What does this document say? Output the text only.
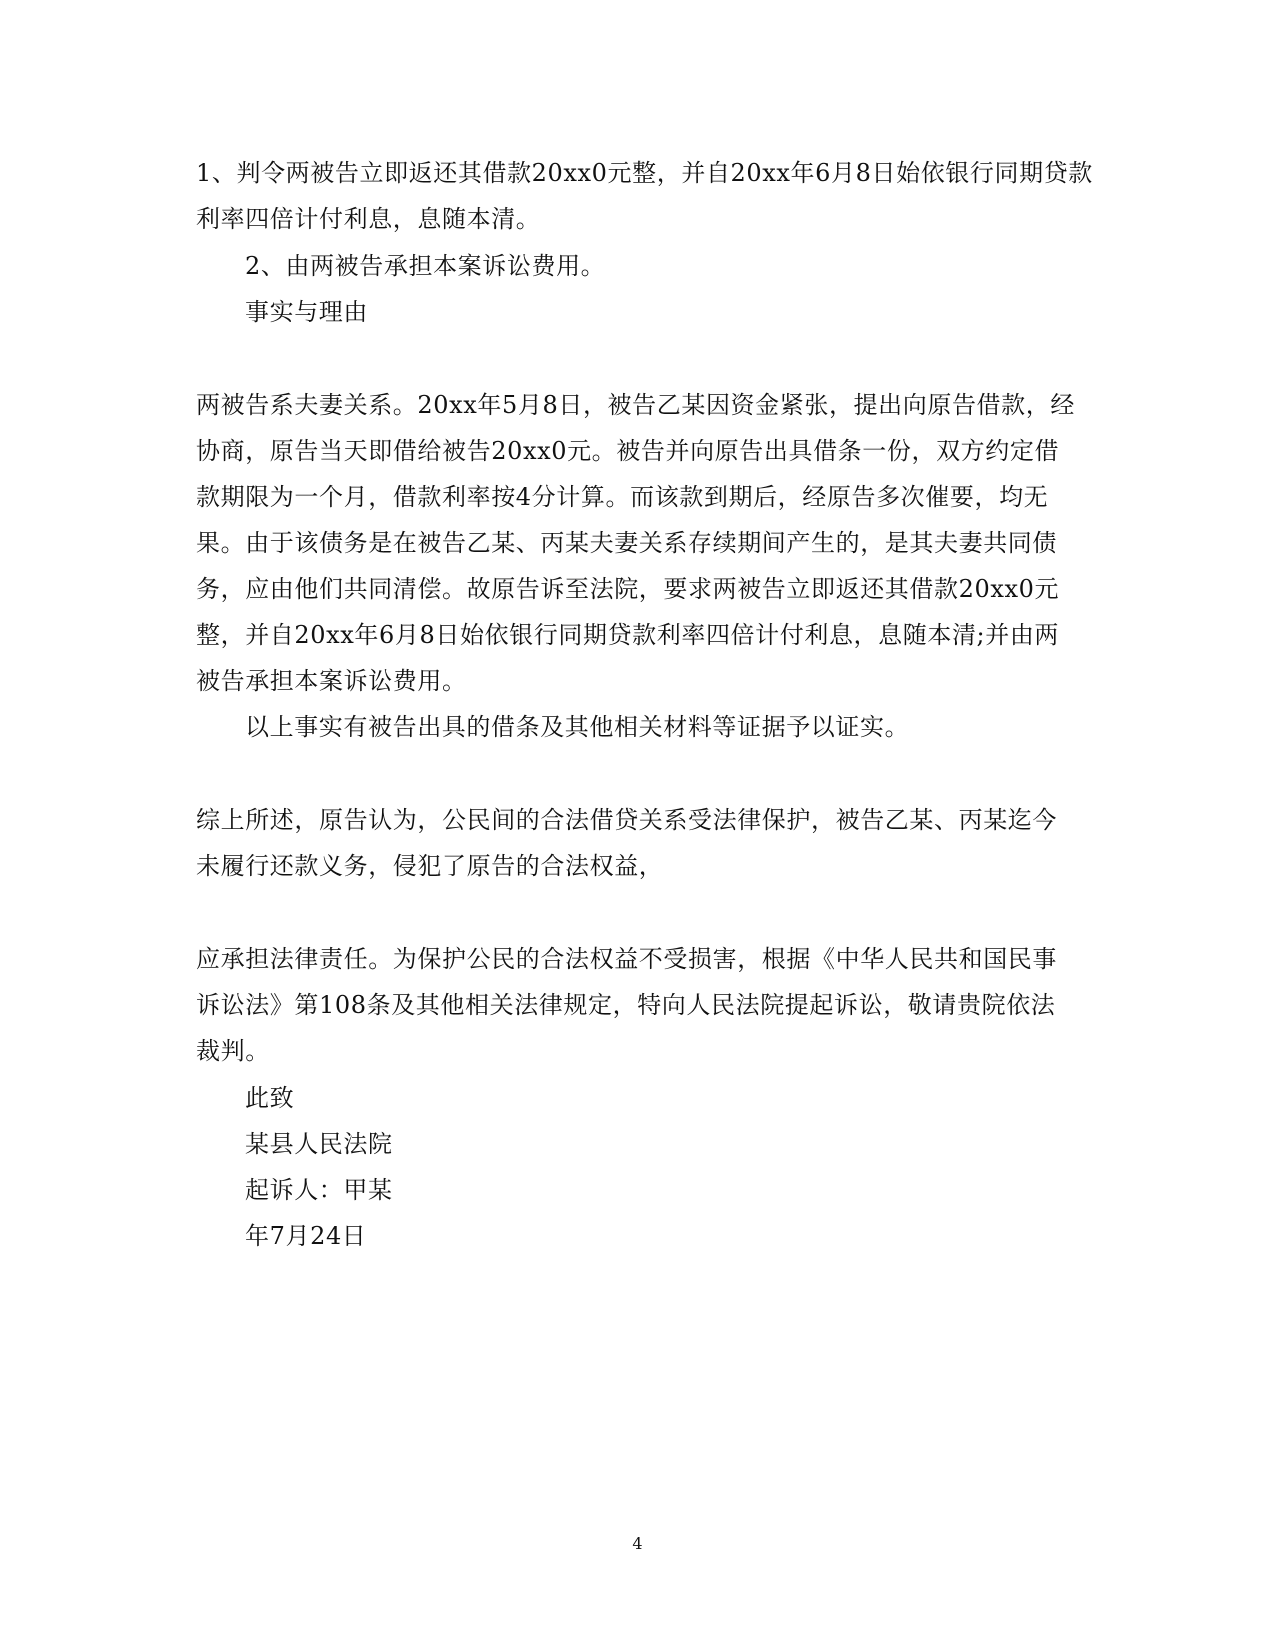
1、判令两被告立即返还其借款20xx0元整，并自20xx年6月8日始依银行同期贷款
利率四倍计付利息，息随本清。
2、由两被告承担本案诉讼费用。
事实与理由
两被告系夫妻关系。20xx年5月8日，被告乙某因资金紧张，提出向原告借款，经
协商，原告当天即借给被告20xx0元。被告并向原告出具借条一份，双方约定借
款期限为一个月，借款利率按4分计算。而该款到期后，经原告多次催要，均无
果。由于该债务是在被告乙某、丙某夫妻关系存续期间产生的，是其夫妻共同债
务，应由他们共同清偿。故原告诉至法院，要求两被告立即返还其借款20xx0元
整，并自20xx年6月8日始依银行同期贷款利率四倍计付利息，息随本清;并由两
被告承担本案诉讼费用。
以上事实有被告出具的借条及其他相关材料等证据予以证实。
综上所述，原告认为，公民间的合法借贷关系受法律保护，被告乙某、丙某迄今
未履行还款义务，侵犯了原告的合法权益，
应承担法律责任。为保护公民的合法权益不受损害，根据《中华人民共和国民事
诉讼法》第108条及其他相关法律规定，特向人民法院提起诉讼，敬请贵院依法
裁判。
此致
某县人民法院
起诉人：甲某
年7月24日
4
